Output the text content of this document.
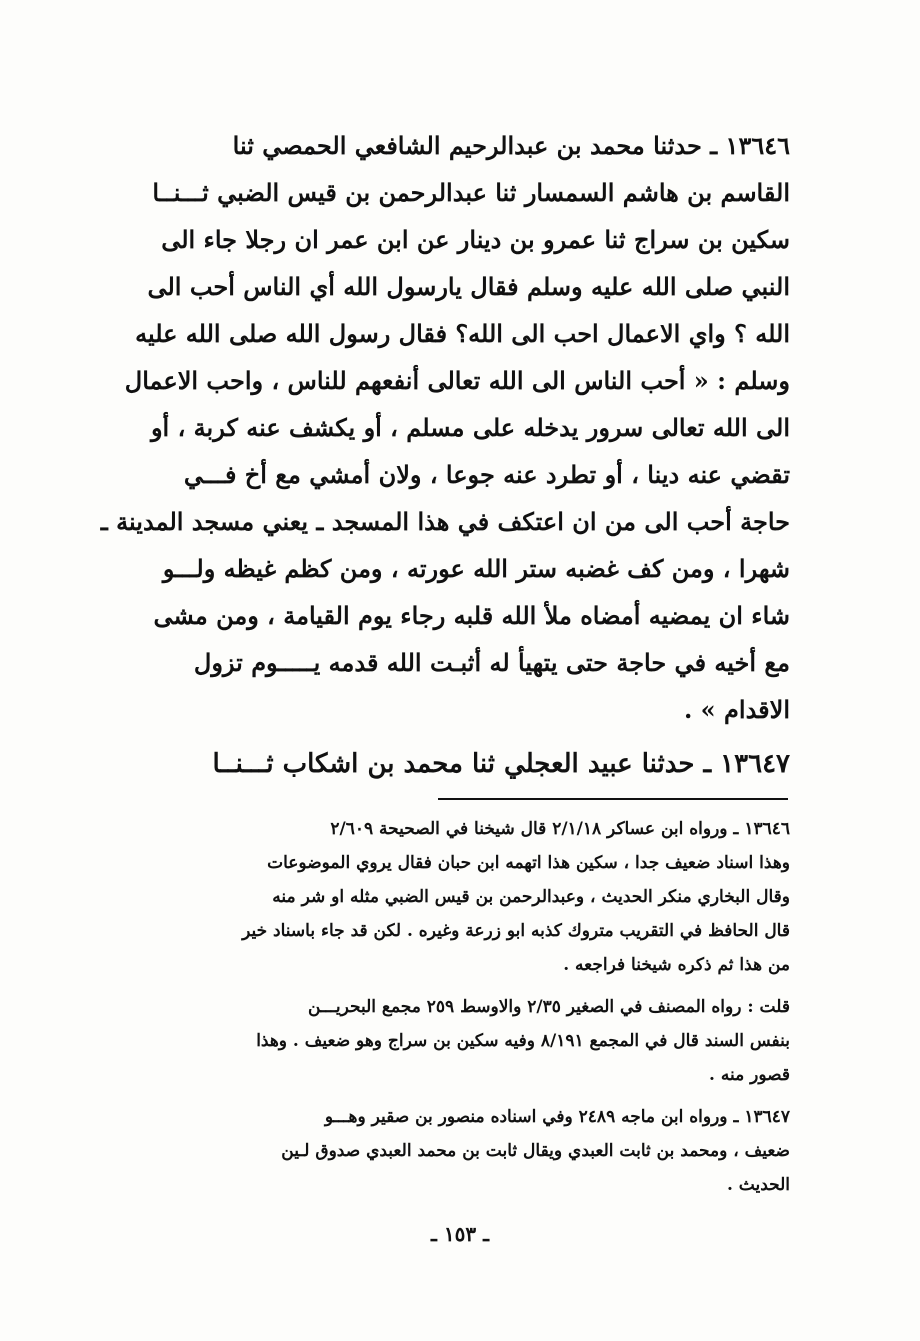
١٣٦٤٦ ـ حدثنا محمد بن عبدالرحيم الشافعي الحمصي ثنا
القاسم بن هاشم السمسار ثنا عبدالرحمن بن قيس الضبي ثـــنــا
سكين بن سراج ثنا عمرو بن دينار عن ابن عمر ان رجلا جاء الى
النبي صلى الله عليه وسلم فقال يارسول الله أي الناس أحب الى
الله ؟ واي الاعمال احب الى الله؟ فقال رسول الله صلى الله عليه
وسلم : « أحب الناس الى الله تعالى أنفعهم للناس ، واحب الاعمال
الى الله تعالى سرور يدخله على مسلم ، أو يكشف عنه كربة ، أو
تقضي عنه دينا ، أو تطرد عنه جوعا ، ولان أمشي مع أخ فـــي
حاجة أحب الى من ان اعتكف في هذا المسجد ـ يعني مسجد المدينة ـ
شهرا ، ومن كف غضبه ستر الله عورته ، ومن كظم غيظه ولـــو
شاء ان يمضيه أمضاه ملأ الله قلبه رجاء يوم القيامة ، ومن مشى
مع أخيه في حاجة حتى يتهيأ له أثبـت الله قدمه يـــــوم تزول
الاقدام » .
١٣٦٤٧ ـ حدثنا عبيد العجلي ثنا محمد بن اشكاب ثـــنــا
١٣٦٤٦ ـ ورواه ابن عساكر ٢/١/١٨ قال شيخنا في الصحيحة ٢/٦٠٩
وهذا اسناد ضعيف جدا ، سكين هذا اتهمه ابن حبان فقال يروي الموضوعات
وقال البخاري منكر الحديث ، وعبدالرحمن بن قيس الضبي مثله او شر منه
قال الحافظ في التقريب متروك كذبه ابو زرعة وغيره . لكن قد جاء باسناد خير
من هذا ثم ذكره شيخنا فراجعه .
قلت : رواه المصنف في الصغير ٢/٣٥ والاوسط ٢٥٩ مجمع البحريـــن
بنفس السند قال في المجمع ٨/١٩١ وفيه سكين بن سراج وهو ضعيف . وهذا
قصور منه .
١٣٦٤٧ ـ ورواه ابن ماجه ٢٤٨٩ وفي اسناده منصور بن صقير وهـــو
ضعيف ، ومحمد بن ثابت العبدي ويقال ثابت بن محمد العبدي صدوق لـين
الحديث .
ـ ١٥٣ ـ
